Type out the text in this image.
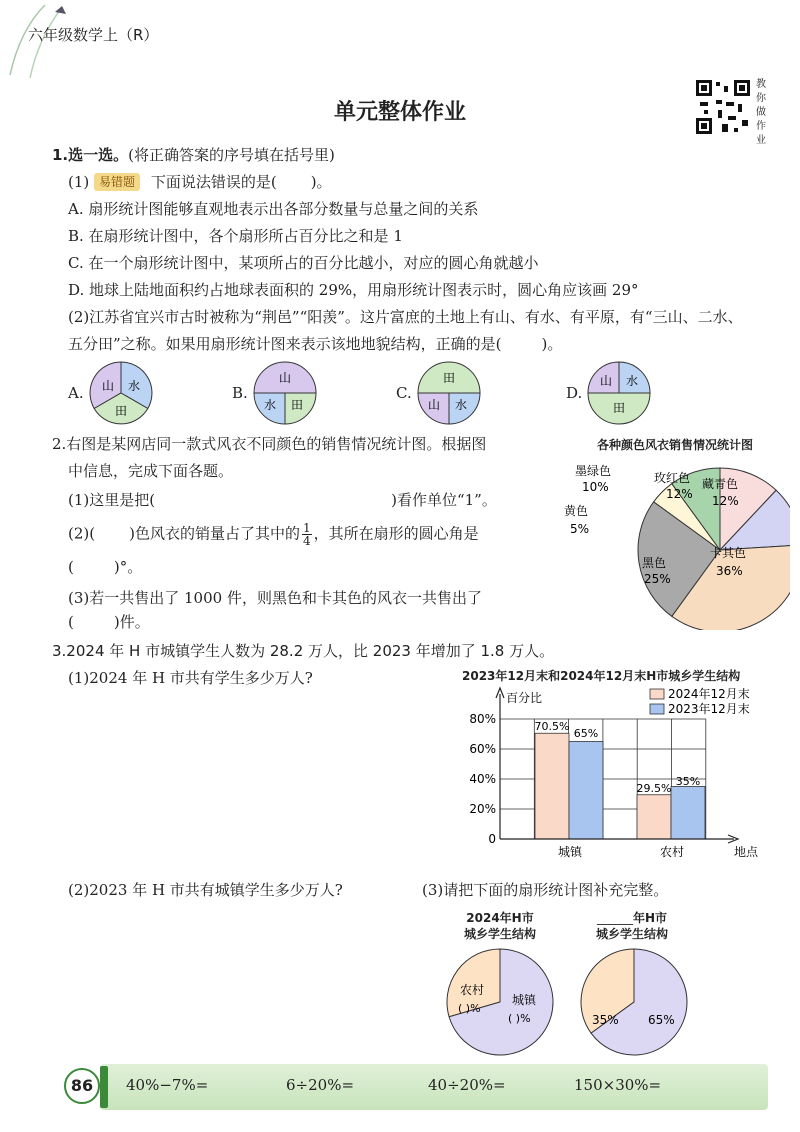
六年级数学上（R）
教你做作业
单元整体作业
1.选一选。(将正确答案的序号填在括号里)
(1) 易错题 下面说法错误的是( )。
A. 扇形统计图能够直观地表示出各部分数量与总量之间的关系
B. 在扇形统计图中，各个扇形所占百分比之和是 1
C. 在一个扇形统计图中，某项所占的百分比越小，对应的圆心角就越小
D. 地球上陆地面积约占地球表面积的 29%，用扇形统计图表示时，圆心角应该画 29°
(2)江苏省宜兴市古时被称为“荆邑”“阳羡”。这片富庶的土地上有山、有水、有平原，有“三山、二水、
五分田”之称。如果用扇形统计图来表示该地地貌结构，正确的是(	)。
A. 山 水
田
B.
山
水 田
C.
田
山 水
D.
山 水
田
2.右图是某网店同一款式风衣不同颜色的销售情况统计图。根据图
中信息，完成下面各题。
(1)这里是把(	)看作单位“1”。
(2)( )色风衣的销量占了其中的 $\frac{1}{4}$ ，其所在扇形的圆心角是
(	)°。
(3)若一共售出了 1000 件，则黑色和卡其色的风衣一共售出了
(	)件。
各种颜色风衣销售情况统计图
墨绿色
10%
黄色
5%
玫红色
12%
藏青色
12%
卡其色
36%
黑色
25%
3.2024 年 H 市城镇学生人数为 28.2 万人，比 2023 年增加了 1.8 万人。
(1)2024 年 H 市共有学生多少万人?	2023年12月末和2024年12月末H市城乡学生结构
百分比
地点
2024年12月末
2023年12月末
0
20%
40%
60%
80%
城镇	农村
70.5%
65%
29.5%
35%
(2)2023 年 H 市共有城镇学生多少万人?	(3)请把下面的扇形统计图补充完整。
2024年H市
城乡学生结构
农村
( )%
城镇
( )%
______年H市
城乡学生结构
35% 65%
86	40%−7%=	6÷20%=	40÷20%=	150×30%=
